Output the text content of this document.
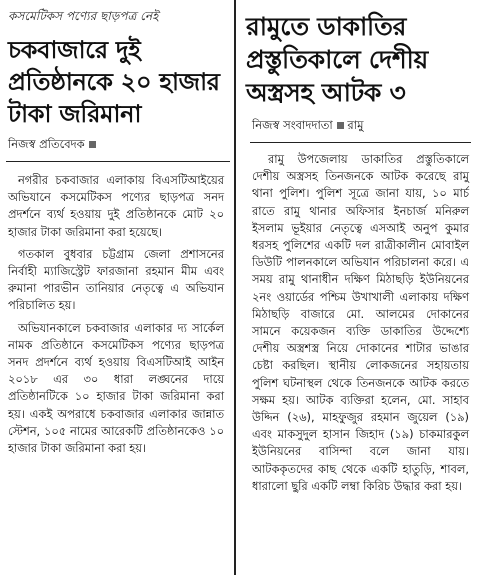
কসমেটিকস পণ্যের ছাড়পত্র নেই
চকবাজারে দুই প্রতিষ্ঠানকে ২০ হাজার টাকা জরিমানা
নিজস্ব প্রতিবেদক

নগরীর চকবাজার এলাকায় বিএসটিআইয়ের অভিযানে কসমেটিকস পণ্যের ছাড়পত্র সনদ প্রদর্শনে ব্যর্থ হওয়ায় দুই প্রতিষ্ঠানকে মোট ২০ হাজার টাকা জরিমানা করা হয়েছে।

গতকাল বুধবার চট্টগ্রাম জেলা প্রশাসনের নির্বাহী ম্যাজিস্ট্রেট ফারজানা রহমান মীম এবং রুমানা পারভীন তানিয়ার নেতৃত্বে এ অভিযান পরিচালিত হয়।

অভিযানকালে চকবাজার এলাকার দ্য সার্কেল নামক প্রতিষ্ঠানে কসমেটিকস পণ্যের ছাড়পত্র সনদ প্রদর্শনে ব্যর্থ হওয়ায় বিএসটিআই আইন ২০১৮ এর ৩০ ধারা লঙ্ঘনের দায়ে প্রতিষ্ঠানটিকে ১০ হাজার টাকা জরিমানা করা হয়। একই অপরাধে চকবাজার এলাকার জান্নাত স্টেশন, ১০৫ নামের আরেকটি প্রতিষ্ঠানকেও ১০ হাজার টাকা জরিমানা করা হয়।

রামুতে ডাকাতির প্রস্তুতিকালে দেশীয় অস্ত্রসহ আটক ৩
নিজস্ব সংবাদদাতা রামু

রামু উপজেলায় ডাকাতির প্রস্তুতিকালে দেশীয় অস্ত্রসহ তিনজনকে আটক করেছে রামু থানা পুলিশ। পুলিশ সূত্রে জানা যায়, ১০ মার্চ রাতে রামু থানার অফিসার ইনচার্জ মনিরুল ইসলাম ভূইয়ার নেতৃত্বে এসআই অনুপ কুমার ধরসহ পুলিশের একটি দল রাত্রীকালীন মোবাইল ডিউটি পালনকালে অভিযান পরিচালনা করে। এ সময় রামু থানাধীন দক্ষিণ মিঠাছড়ি ইউনিয়নের ২নং ওয়ার্ডের পশ্চিম উখাখালী এলাকায় দক্ষিণ মিঠাছড়ি বাজারে মো. আলমের দোকানের সামনে কয়েকজন ব্যক্তি ডাকাতির উদ্দেশ্যে দেশীয় অস্ত্রশস্ত্র নিয়ে দোকানের শাটার ভাঙার চেষ্টা করছিল। স্থানীয় লোকজনের সহায়তায় পুলিশ ঘটনাস্থল থেকে তিনজনকে আটক করতে সক্ষম হয়। আটক ব্যক্তিরা হলেন, মো. সাহাব উদ্দিন (২৬), মাহফুজুর রহমান জুয়েল (১৯) এবং মাকসুদুল হাসান জিহাদ (১৯) চাকমারকুল ইউনিয়নের বাসিন্দা বলে জানা যায়। আটককৃতদের কাছ থেকে একটি হাতুড়ি, শাবল, ধারালো ছুরি একটি লম্বা কিরিচ উদ্ধার করা হয়।
